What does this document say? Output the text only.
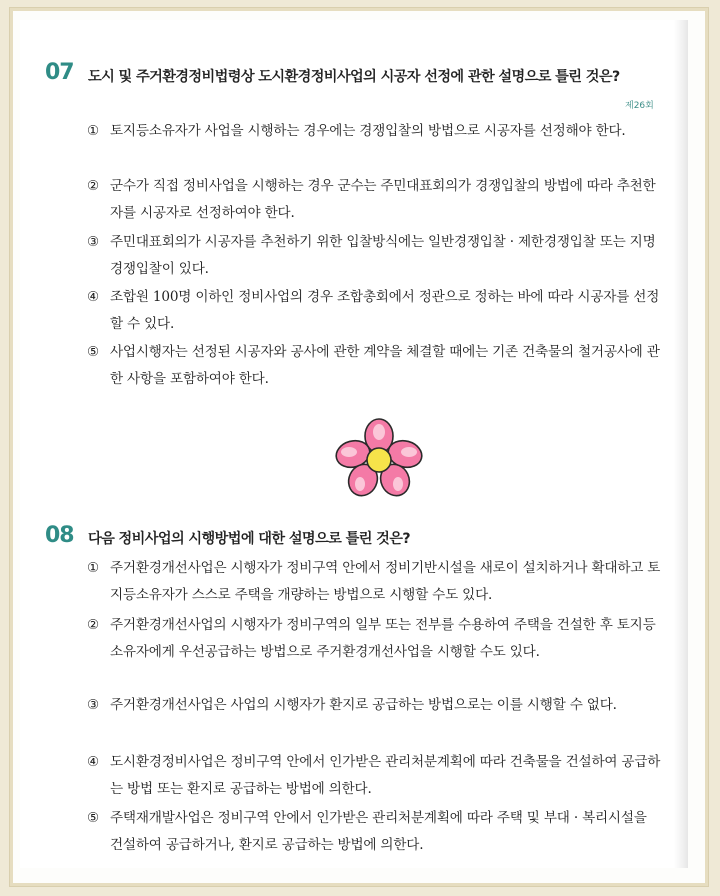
07 도시 및 주거환경정비법령상 도시환경정비사업의 시공자 선정에 관한 설명으로 틀린 것은?
제26회
① 토지등소유자가 사업을 시행하는 경우에는 경쟁입찰의 방법으로 시공자를 선정해야 한다.
② 군수가 직접 정비사업을 시행하는 경우 군수는 주민대표회의가 경쟁입찰의 방법에 따라 추천한 자를 시공자로 선정하여야 한다.
③ 주민대표회의가 시공자를 추천하기 위한 입찰방식에는 일반경쟁입찰 · 제한경쟁입찰 또는 지명경쟁입찰이 있다.
④ 조합원 100명 이하인 정비사업의 경우 조합총회에서 정관으로 정하는 바에 따라 시공자를 선정할 수 있다.
⑤ 사업시행자는 선정된 시공자와 공사에 관한 계약을 체결할 때에는 기존 건축물의 철거공사에 관한 사항을 포함하여야 한다.
08 다음 정비사업의 시행방법에 대한 설명으로 틀린 것은?
① 주거환경개선사업은 시행자가 정비구역 안에서 정비기반시설을 새로이 설치하거나 확대하고 토지등소유자가 스스로 주택을 개량하는 방법으로 시행할 수도 있다.
② 주거환경개선사업의 시행자가 정비구역의 일부 또는 전부를 수용하여 주택을 건설한 후 토지등소유자에게 우선공급하는 방법으로 주거환경개선사업을 시행할 수도 있다.
③ 주거환경개선사업은 사업의 시행자가 환지로 공급하는 방법으로는 이를 시행할 수 없다.
④ 도시환경정비사업은 정비구역 안에서 인가받은 관리처분계획에 따라 건축물을 건설하여 공급하는 방법 또는 환지로 공급하는 방법에 의한다.
⑤ 주택재개발사업은 정비구역 안에서 인가받은 관리처분계획에 따라 주택 및 부대 · 복리시설을 건설하여 공급하거나, 환지로 공급하는 방법에 의한다.
